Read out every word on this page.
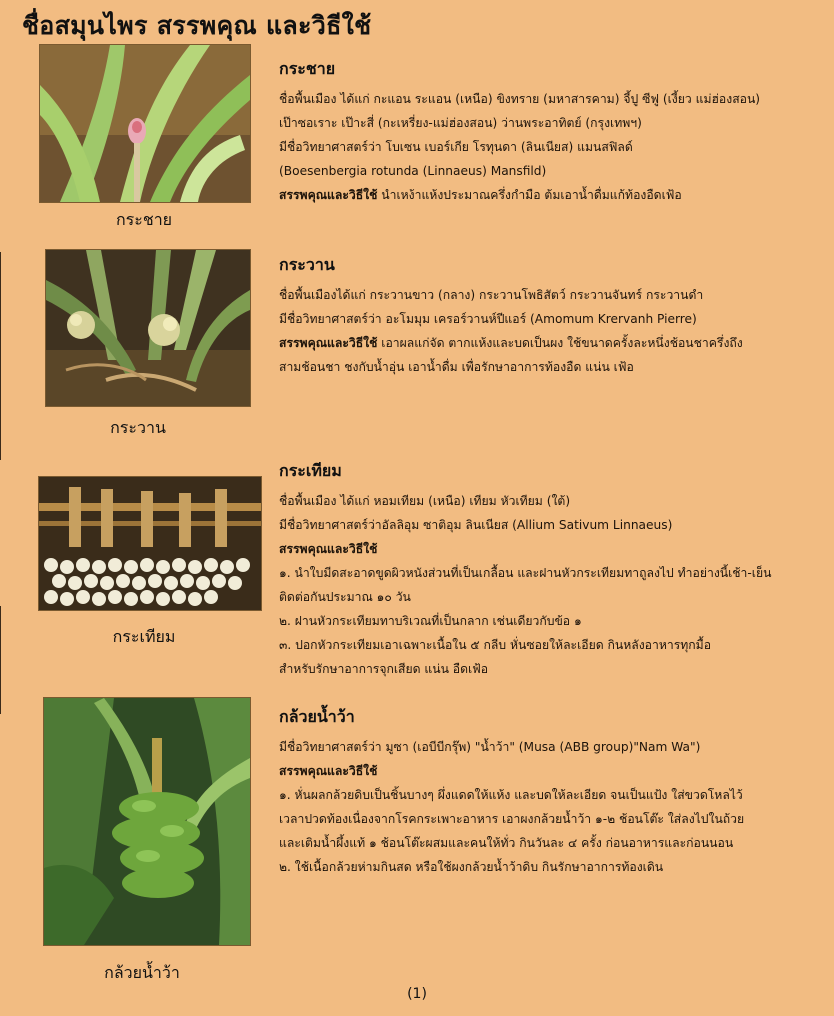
ชื่อสมุนไพร สรรพคุณ และวิธีใช้
กระชาย
กระชาย
ชื่อพื้นเมือง ได้แก่ กะแอน ระแอน (เหนือ) ขิงทราย (มหาสารคาม) จี้ปู ซีฟู (เงี้ยว แม่ฮ่องสอน)
เป๊าซอเราะ เป๊าะสี่ (กะเหรี่ยง-แม่ฮ่องสอน) ว่านพระอาทิตย์ (กรุงเทพฯ)
มีชื่อวิทยาศาสตร์ว่า โบเซน เบอร์เกีย โรทุนดา (ลินเนียส) แมนสฟิลด์
(Boesenbergia rotunda (Linnaeus) Mansfild)
สรรพคุณและวิธีใช้ นำเหง้าแห้งประมาณครึ่งกำมือ ต้มเอาน้ำดื่มแก้ท้องอืดเฟ้อ
กระวาน
กระวาน
ชื่อพื้นเมืองได้แก่ กระวานขาว (กลาง) กระวานโพธิสัตว์ กระวานจันทร์ กระวานดำ
มีชื่อวิทยาศาสตร์ว่า อะโมมุม เครอร์วานห์ปีแอร์ (Amomum Krervanh Pierre)
สรรพคุณและวิธีใช้ เอาผลแก่จัด ตากแห้งและบดเป็นผง ใช้ขนาดครั้งละหนึ่งช้อนชาครึ่งถึง
สามช้อนชา ชงกับน้ำอุ่น เอาน้ำดื่ม เพื่อรักษาอาการท้องอืด แน่น เฟ้อ
กระเทียม
กระเทียม
ชื่อพื้นเมือง ได้แก่ หอมเทียม (เหนือ) เทียม หัวเทียม (ใต้)
มีชื่อวิทยาศาสตร์ว่าอัลลิอุม ซาติอุม ลินเนียส (Allium Sativum Linnaeus)
สรรพคุณและวิธีใช้
๑. นำใบมีดสะอาดขูดผิวหนังส่วนที่เป็นเกลื้อน และฝานหัวกระเทียมทาถูลงไป ทำอย่างนี้เช้า-เย็น
ติดต่อกันประมาณ ๑๐ วัน
๒. ฝานหัวกระเทียมทาบริเวณที่เป็นกลาก เช่นเดียวกับข้อ ๑
๓. ปอกหัวกระเทียมเอาเฉพาะเนื้อใน ๕ กลีบ หั่นซอยให้ละเอียด กินหลังอาหารทุกมื้อ
สำหรับรักษาอาการจุกเสียด แน่น อืดเฟ้อ
กล้วยน้ำว้า
กล้วยน้ำว้า
มีชื่อวิทยาศาสตร์ว่า มูซา (เอบีบีกรุ๊พ) "น้ำว้า" (Musa (ABB group)"Nam Wa")
สรรพคุณและวิธีใช้
๑. หั่นผลกล้วยดิบเป็นชิ้นบางๆ ผึ่งแดดให้แห้ง และบดให้ละเอียด จนเป็นแป้ง ใส่ขวดโหลไว้
เวลาปวดท้องเนื่องจากโรคกระเพาะอาหาร เอาผงกล้วยน้ำว้า ๑-๒ ช้อนโต๊ะ ใส่ลงไปในถ้วย
และเติมน้ำผึ้งแท้ ๑ ช้อนโต๊ะผสมและคนให้ทั่ว กินวันละ ๔ ครั้ง ก่อนอาหารและก่อนนอน
๒. ใช้เนื้อกล้วยห่ามกินสด หรือใช้ผงกล้วยน้ำว้าดิบ กินรักษาอาการท้องเดิน
(1)
